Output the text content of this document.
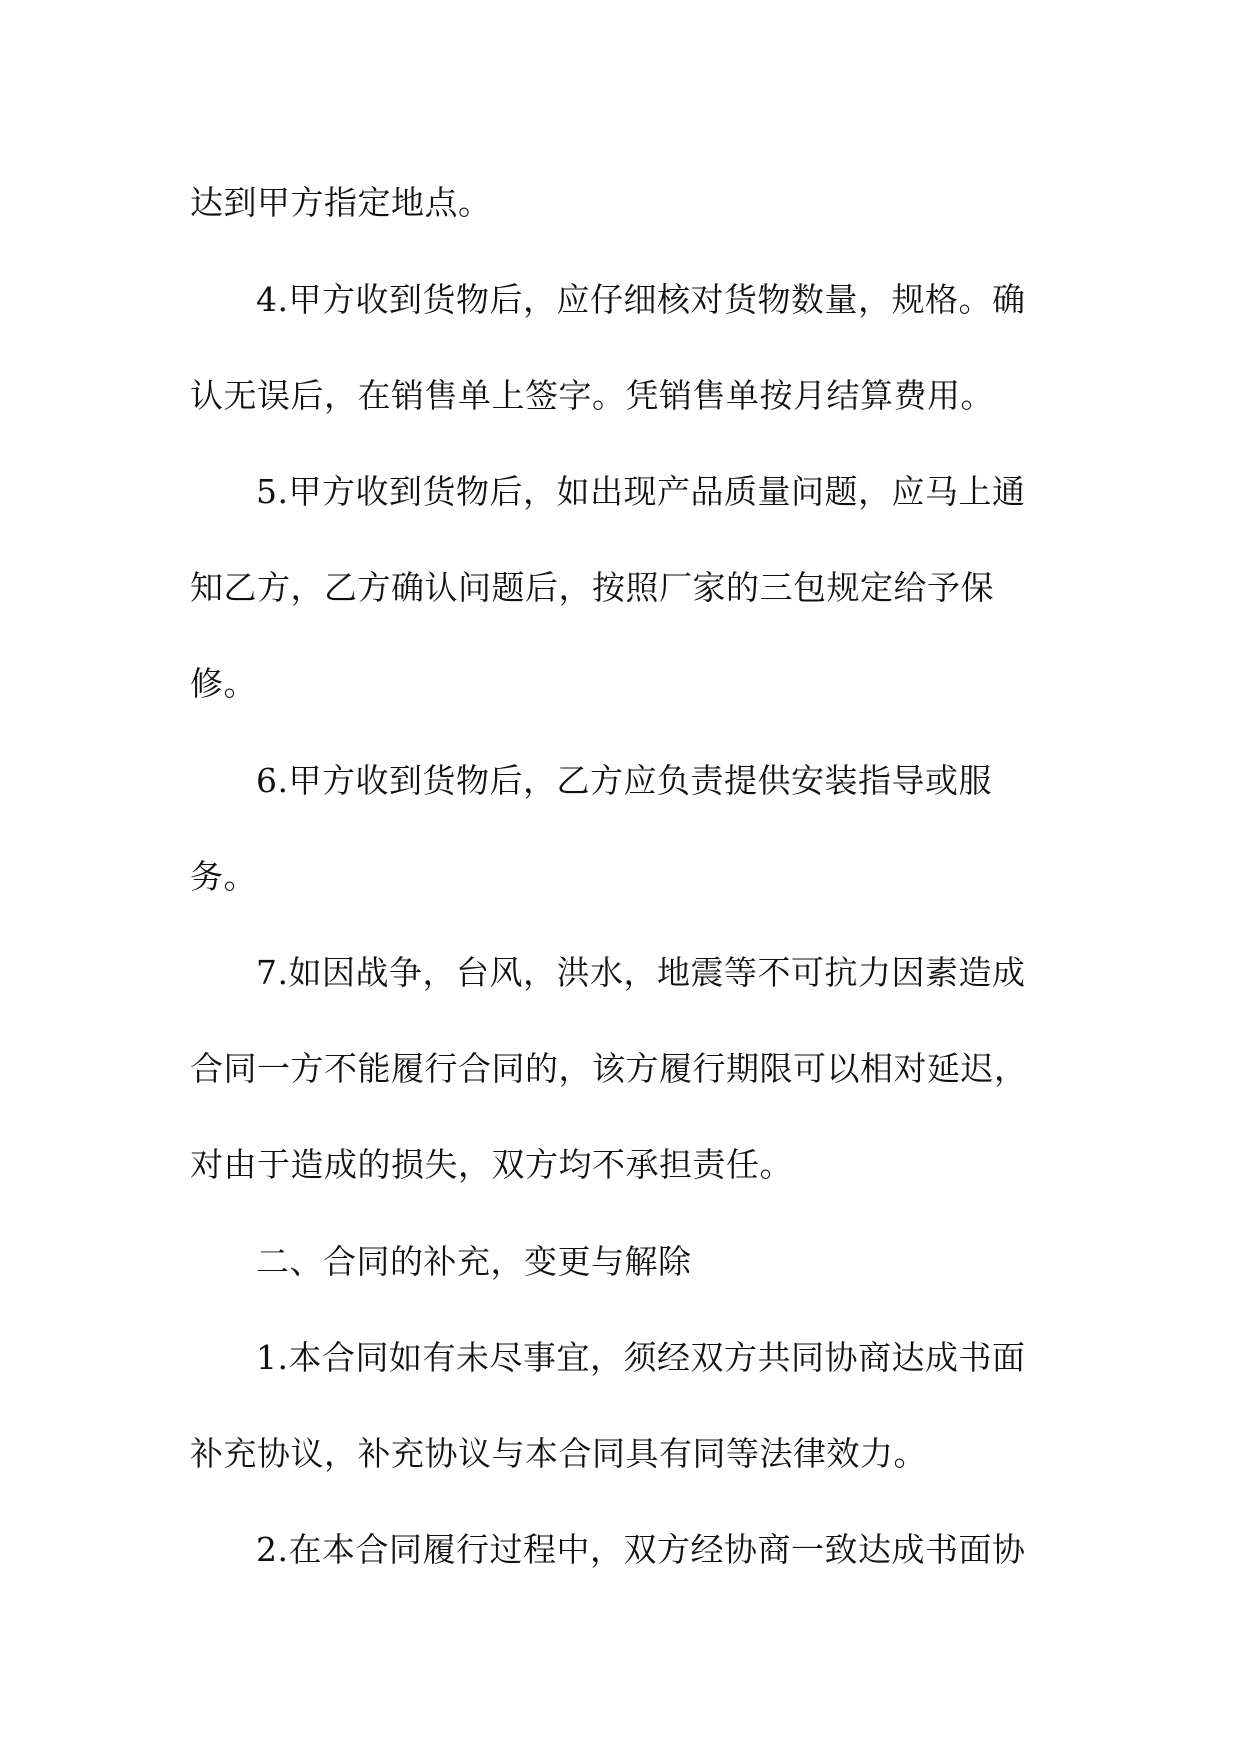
达到甲方指定地点。
4.甲方收到货物后，应仔细核对货物数量，规格。确
认无误后，在销售单上签字。凭销售单按月结算费用。
5.甲方收到货物后，如出现产品质量问题，应马上通
知乙方，乙方确认问题后，按照厂家的三包规定给予保
修。
6.甲方收到货物后，乙方应负责提供安装指导或服
务。
7.如因战争，台风，洪水，地震等不可抗力因素造成
合同一方不能履行合同的，该方履行期限可以相对延迟，
对由于造成的损失，双方均不承担责任。
二、合同的补充，变更与解除
1.本合同如有未尽事宜，须经双方共同协商达成书面
补充协议，补充协议与本合同具有同等法律效力。
2.在本合同履行过程中，双方经协商一致达成书面协
